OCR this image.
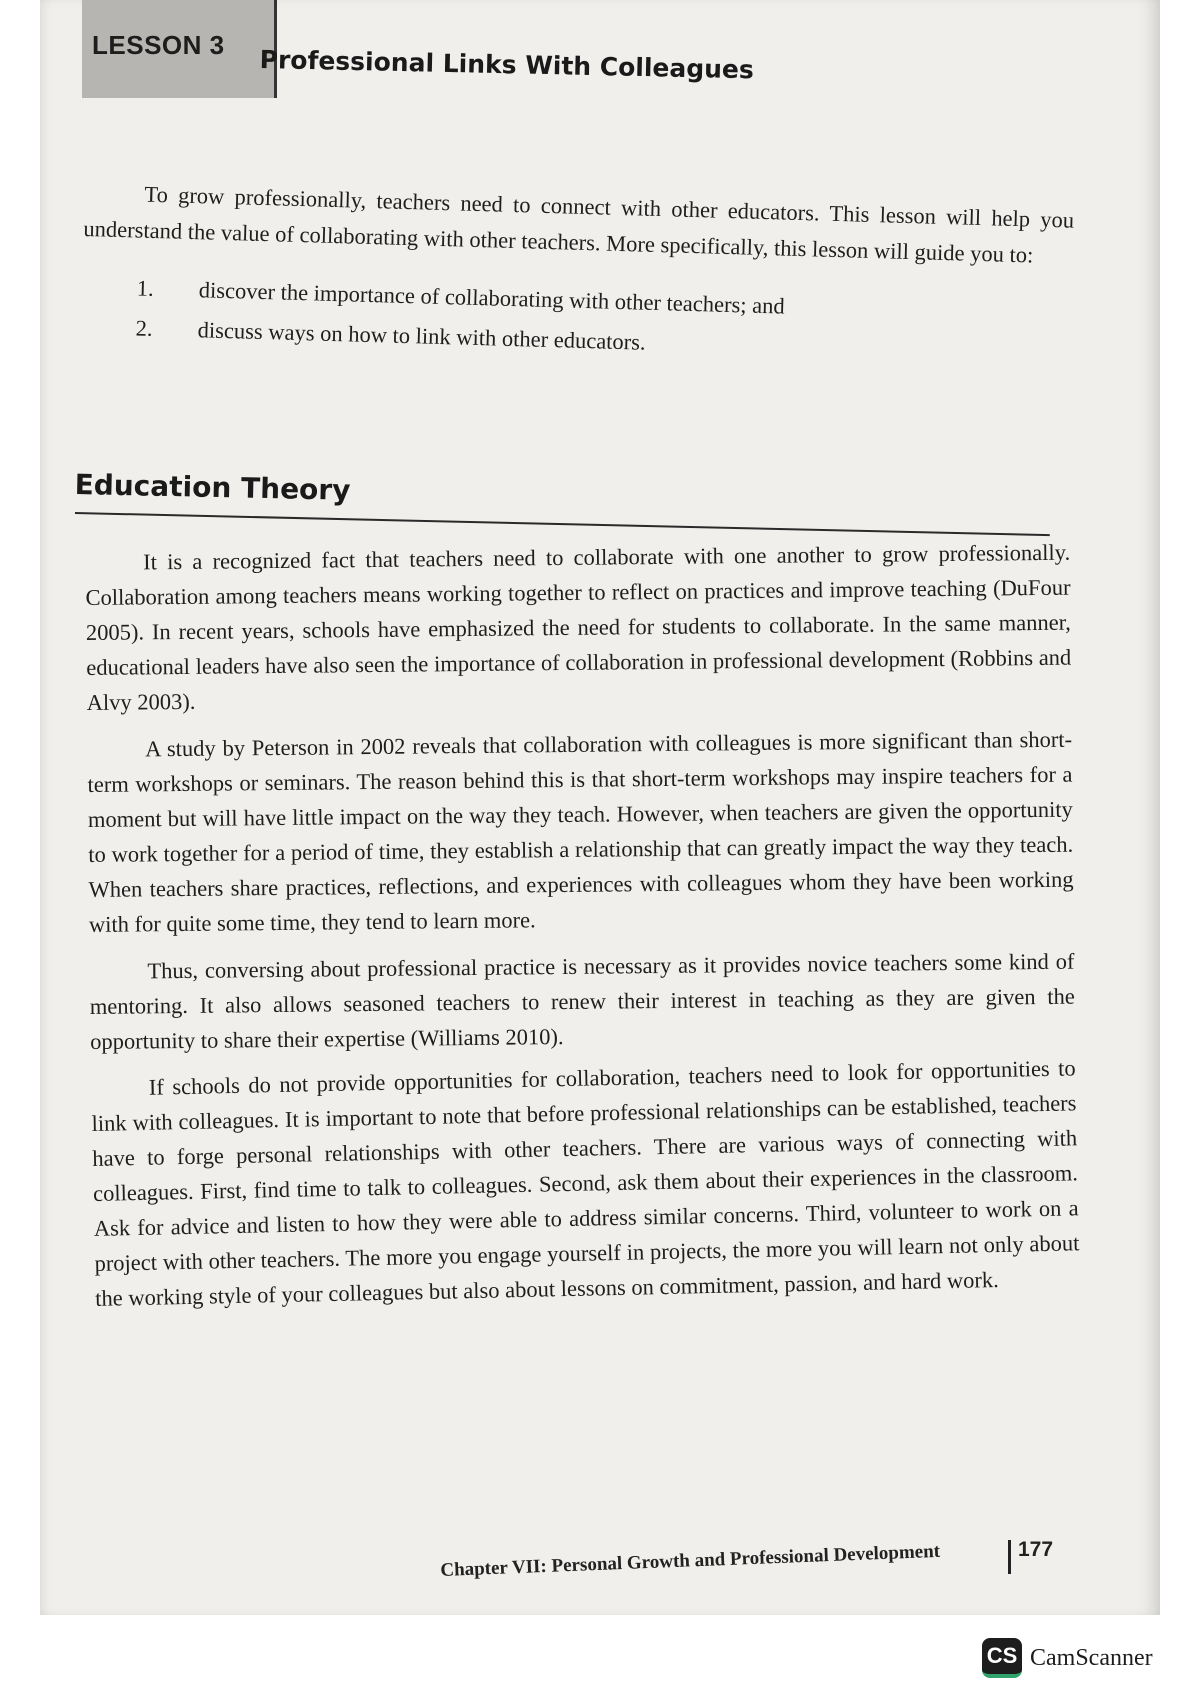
LESSON 3 Professional Links With Colleagues

To grow professionally, teachers need to connect with other educators. This lesson will help you understand the value of collaborating with other teachers. More specifically, this lesson will guide you to:

1.	discover the importance of collaborating with other teachers; and
2.	discuss ways on how to link with other educators.
Education Theory

It is a recognized fact that teachers need to collaborate with one another to grow professionally. Collaboration among teachers means working together to reflect on practices and improve teaching (DuFour 2005). In recent years, schools have emphasized the need for students to collaborate. In the same manner, educational leaders have also seen the importance of collaboration in professional development (Robbins and Alvy 2003).

A study by Peterson in 2002 reveals that collaboration with colleagues is more significant than short-term workshops or seminars. The reason behind this is that short-term workshops may inspire teachers for a moment but will have little impact on the way they teach. However, when teachers are given the opportunity to work together for a period of time, they establish a relationship that can greatly impact the way they teach. When teachers share practices, reflections, and experiences with colleagues whom they have been working with for quite some time, they tend to learn more.

Thus, conversing about professional practice is necessary as it provides novice teachers some kind of mentoring. It also allows seasoned teachers to renew their interest in teaching as they are given the opportunity to share their expertise (Williams 2010).

If schools do not provide opportunities for collaboration, teachers need to look for opportunities to link with colleagues. It is important to note that before professional relationships can be established, teachers have to forge personal relationships with other teachers. There are various ways of connecting with colleagues. First, find time to talk to colleagues. Second, ask them about their experiences in the classroom. Ask for advice and listen to how they were able to address similar concerns. Third, volunteer to work on a project with other teachers. The more you engage yourself in projects, the more you will learn not only about the working style of your colleagues but also about lessons on commitment, passion, and hard work.

Chapter VII: Personal Growth and Professional Development	177
CS CamScanner
